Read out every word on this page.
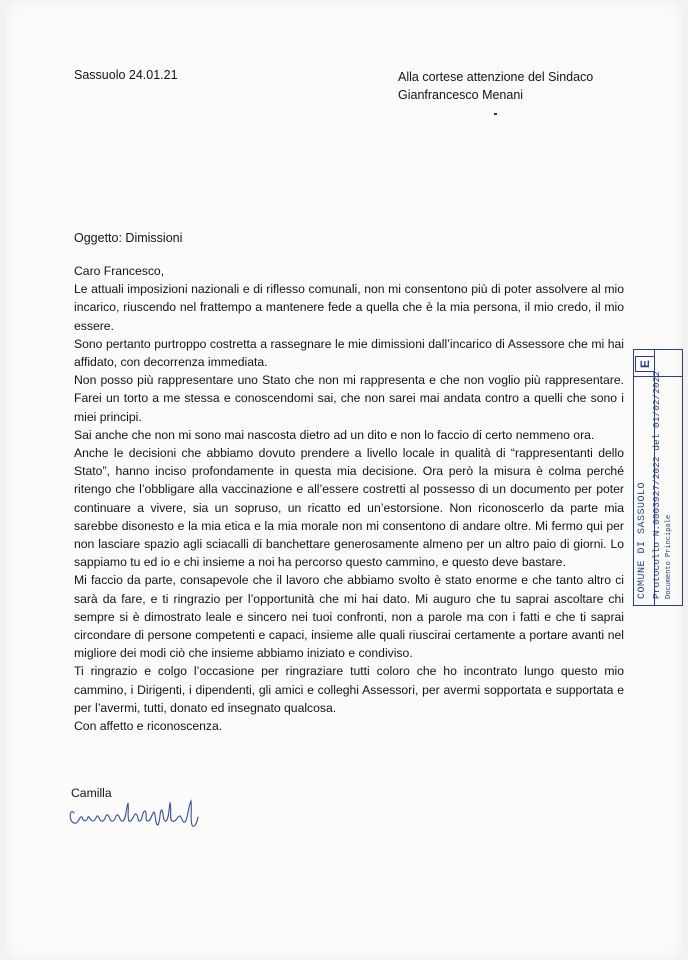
Sassuolo 24.01.21	Alla cortese attenzione del Sindaco
Gianfrancesco Menani
Oggetto: Dimissioni

Caro Francesco,

Le attuali imposizioni nazionali e di riflesso comunali, non mi consentono più di poter assolvere al mio incarico, riuscendo nel frattempo a mantenere fede a quella che è la mia persona, il mio credo, il mio essere.

Sono pertanto purtroppo costretta a rassegnare le mie dimissioni dall’incarico di Assessore che mi hai affidato, con decorrenza immediata.

Non posso più rappresentare uno Stato che non mi rappresenta e che non voglio più rappresentare. Farei un torto a me stessa e conoscendomi sai, che non sarei mai andata contro a quelli che sono i miei principi.

Sai anche che non mi sono mai nascosta dietro ad un dito e non lo faccio di certo nemmeno ora.

Anche le decisioni che abbiamo dovuto prendere a livello locale in qualità di “rappresentanti dello Stato”, hanno inciso profondamente in questa mia decisione. Ora però la misura è colma perché ritengo che l’obbligare alla vaccinazione e all’essere costretti al possesso di un documento per poter continuare a vivere, sia un sopruso, un ricatto ed un’estorsione. Non riconoscerlo da parte mia sarebbe disonesto e la mia etica e la mia morale non mi consentono di andare oltre. Mi fermo qui per non lasciare spazio agli sciacalli di banchettare generosamente almeno per un altro paio di giorni. Lo sappiamo tu ed io e chi insieme a noi ha percorso questo cammino, e questo deve bastare.

Mi faccio da parte, consapevole che il lavoro che abbiamo svolto è stato enorme e che tanto altro ci sarà da fare, e ti ringrazio per l’opportunità che mi hai dato. Mi auguro che tu saprai ascoltare chi sempre si è dimostrato leale e sincero nei tuoi confronti, non a parole ma con i fatti e che ti saprai circondare di persone competenti e capaci, insieme alle quali riuscirai certamente a portare avanti nel migliore dei modi ciò che insieme abbiamo iniziato e condiviso.

Ti ringrazio e colgo l’occasione per ringraziare tutti coloro che ho incontrato lungo questo mio cammino, i Dirigenti, i dipendenti, gli amici e colleghi Assessori, per avermi sopportata e supportata e per l’avermi, tutti, donato ed insegnato qualcosa.

Con affetto e riconoscenza.

Camilla
E
COMUNE DI SASSUOLO Protocollo N.0003927/2022 del 01/02/2022 Documento Principale
